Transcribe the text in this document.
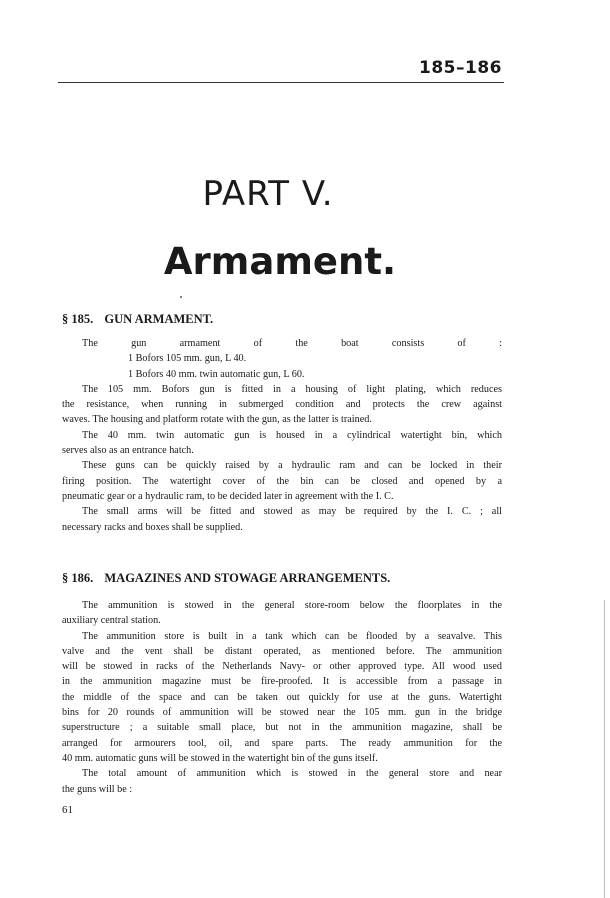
185–186
PART V.
Armament.
§ 185. GUN ARMAMENT.
The gun armament of the boat consists of :
1 Bofors 105 mm. gun, L 40.
1 Bofors 40 mm. twin automatic gun, L 60.
The 105 mm. Bofors gun is fitted in a housing of light plating, which reduces
the resistance, when running in submerged condition and protects the crew against
waves. The housing and platform rotate with the gun, as the latter is trained.
The 40 mm. twin automatic gun is housed in a cylindrical watertight bin, which
serves also as an entrance hatch.
These guns can be quickly raised by a hydraulic ram and can be locked in their
firing position. The watertight cover of the bin can be closed and opened by a
pneumatic gear or a hydraulic ram, to be decided later in agreement with the I. C.
The small arms will be fitted and stowed as may be required by the I. C. ; all
necessary racks and boxes shall be supplied.
§ 186. MAGAZINES AND STOWAGE ARRANGEMENTS.
The ammunition is stowed in the general store-room below the floorplates in the
auxiliary central station.
The ammunition store is built in a tank which can be flooded by a seavalve. This
valve and the vent shall be distant operated, as mentioned before. The ammunition
will be stowed in racks of the Netherlands Navy- or other approved type. All wood used
in the ammunition magazine must be fire-proofed. It is accessible from a passage in
the middle of the space and can be taken out quickly for use at the guns. Watertight
bins for 20 rounds of ammunition will be stowed near the 105 mm. gun in the bridge
superstructure ; a suitable small place, but not in the ammunition magazine, shall be
arranged for armourers tool, oil, and spare parts. The ready ammunition for the
40 mm. automatic guns will be stowed in the watertight bin of the guns itself.
The total amount of ammunition which is stowed in the general store and near
the guns will be :
61
